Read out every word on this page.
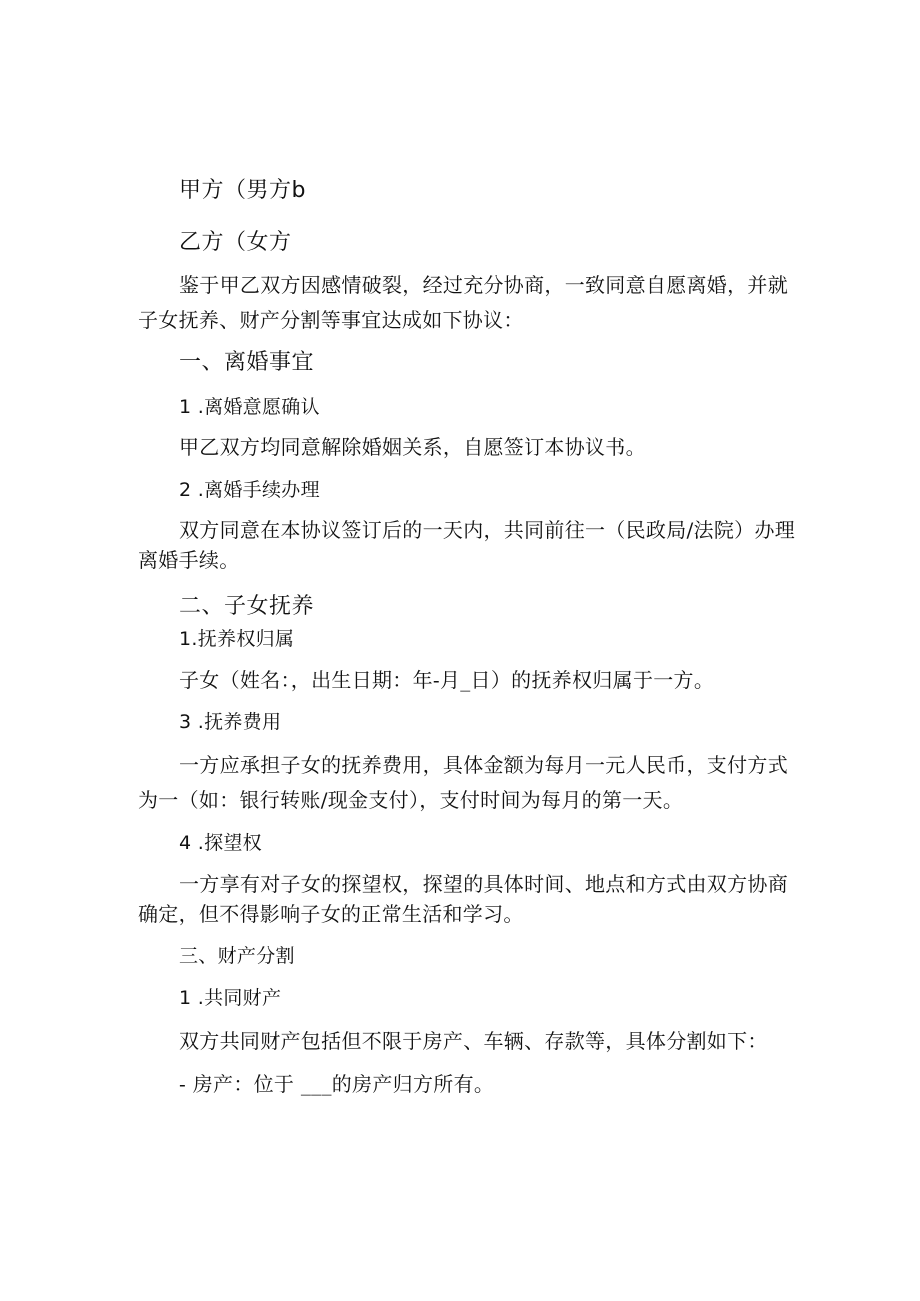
甲方（男方b
乙方（女方
鉴于甲乙双方因感情破裂，经过充分协商，一致同意自愿离婚，并就
子女抚养、财产分割等事宜达成如下协议：
一、离婚事宜
1 .离婚意愿确认
甲乙双方均同意解除婚姻关系，自愿签订本协议书。
2 .离婚手续办理
双方同意在本协议签订后的一天内，共同前往一（民政局/法院）办理
离婚手续。
二、子女抚养
1.抚养权归属
子女（姓名：，出生日期：年-月_日）的抚养权归属于一方。
3 .抚养费用
一方应承担子女的抚养费用，具体金额为每月一元人民币，支付方式
为一（如：银行转账/现金支付），支付时间为每月的第一天。
4 .探望权
一方享有对子女的探望权，探望的具体时间、地点和方式由双方协商
确定，但不得影响子女的正常生活和学习。
三、财产分割
1 .共同财产
双方共同财产包括但不限于房产、车辆、存款等，具体分割如下：
- 房产：位于 ___的房产归方所有。
